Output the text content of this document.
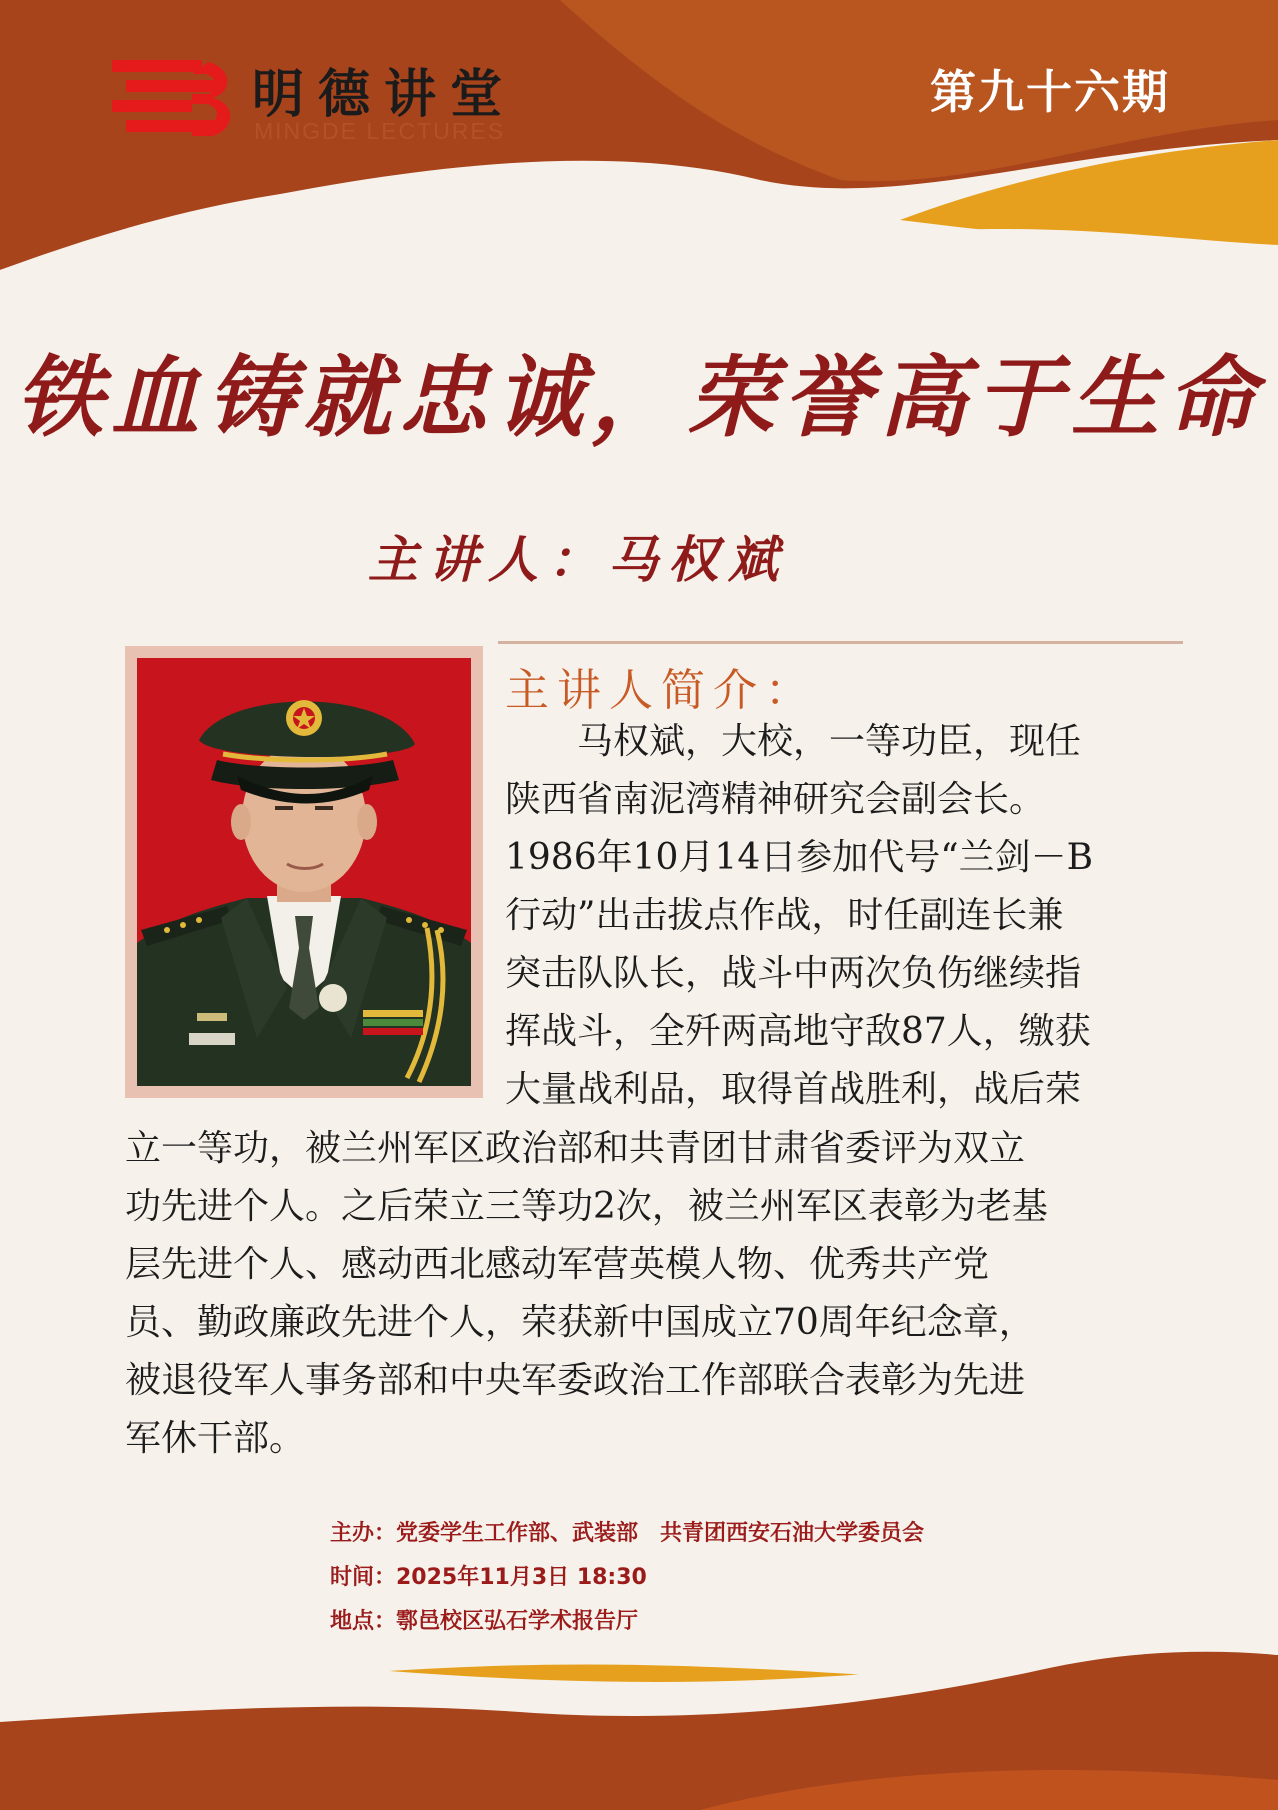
明德讲堂
MINGDE LECTURES
第九十六期
铁血铸就忠诚，荣誉高于生命
主讲人：马权斌
主讲人简介：
　　马权斌，大校，一等功臣，现任
陕西省南泥湾精神研究会副会长。
1986年10月14日参加代号“兰剑－B
行动”出击拔点作战，时任副连长兼
突击队队长，战斗中两次负伤继续指
挥战斗，全歼两高地守敌87人，缴获
大量战利品，取得首战胜利，战后荣
立一等功，被兰州军区政治部和共青团甘肃省委评为双立
功先进个人。之后荣立三等功2次，被兰州军区表彰为老基
层先进个人、感动西北感动军营英模人物、优秀共产党
员、勤政廉政先进个人，荣获新中国成立70周年纪念章，
被退役军人事务部和中央军委政治工作部联合表彰为先进
军休干部。
主办：党委学生工作部、武装部　共青团西安石油大学委员会
时间：2025年11月3日 18:30
地点：鄠邑校区弘石学术报告厅
